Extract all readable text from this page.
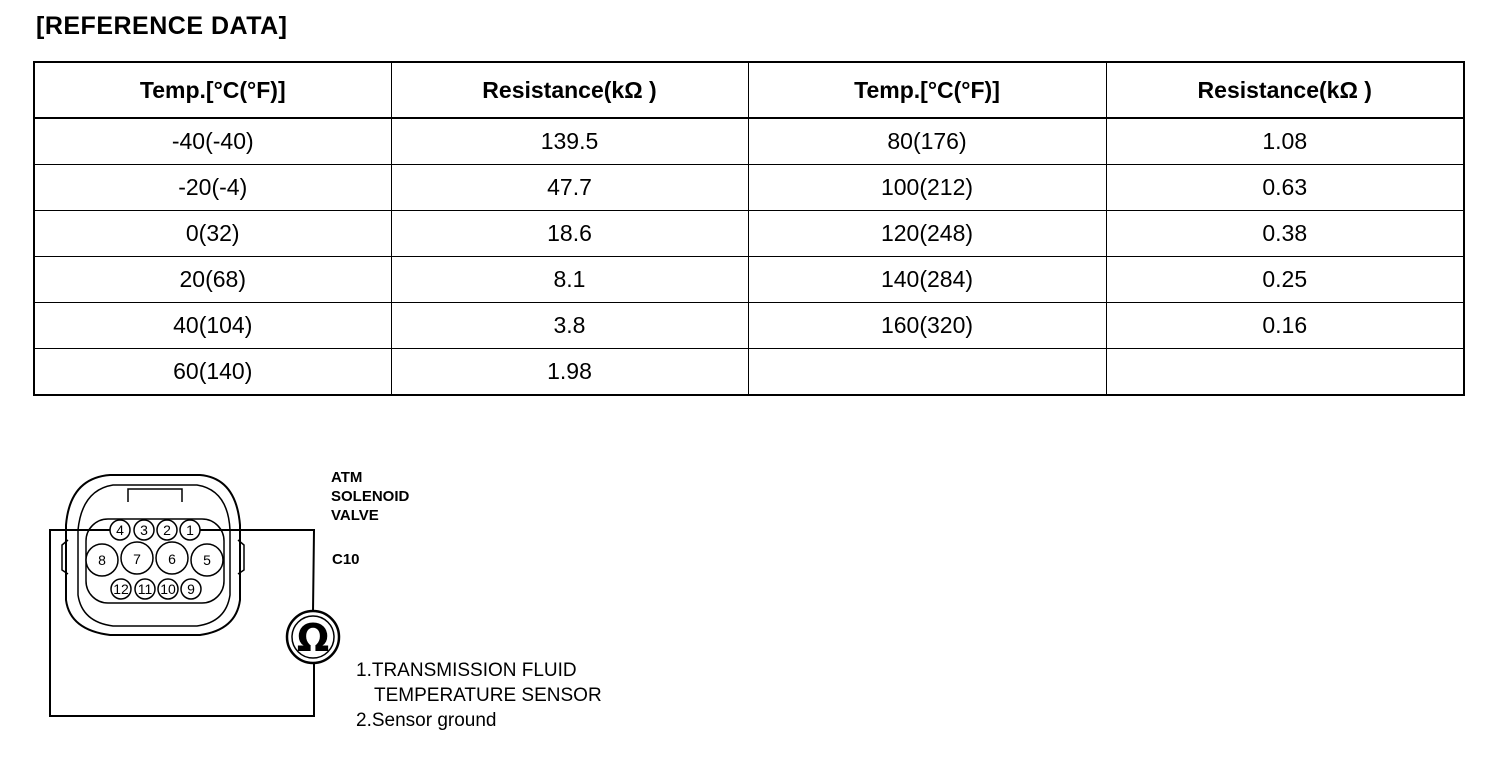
[REFERENCE DATA]
Temp.[°C(°F)]	Resistance(kΩ )	Temp.[°C(°F)]	Resistance(kΩ )
-40(-40)	139.5	80(176)	1.08
-20(-4)	47.7	100(212)	0.63
0(32)	18.6	120(248)	0.38
20(68)	8.1	140(284)	0.25
40(104)	3.8	160(320)	0.16
60(140)	1.98		
Ω
4 3 2 1
8 7 6 5
12 11 10 9
ATM
SOLENOID
VALVE
C10
1.TRANSMISSION FLUID
TEMPERATURE SENSOR
2.Sensor ground
